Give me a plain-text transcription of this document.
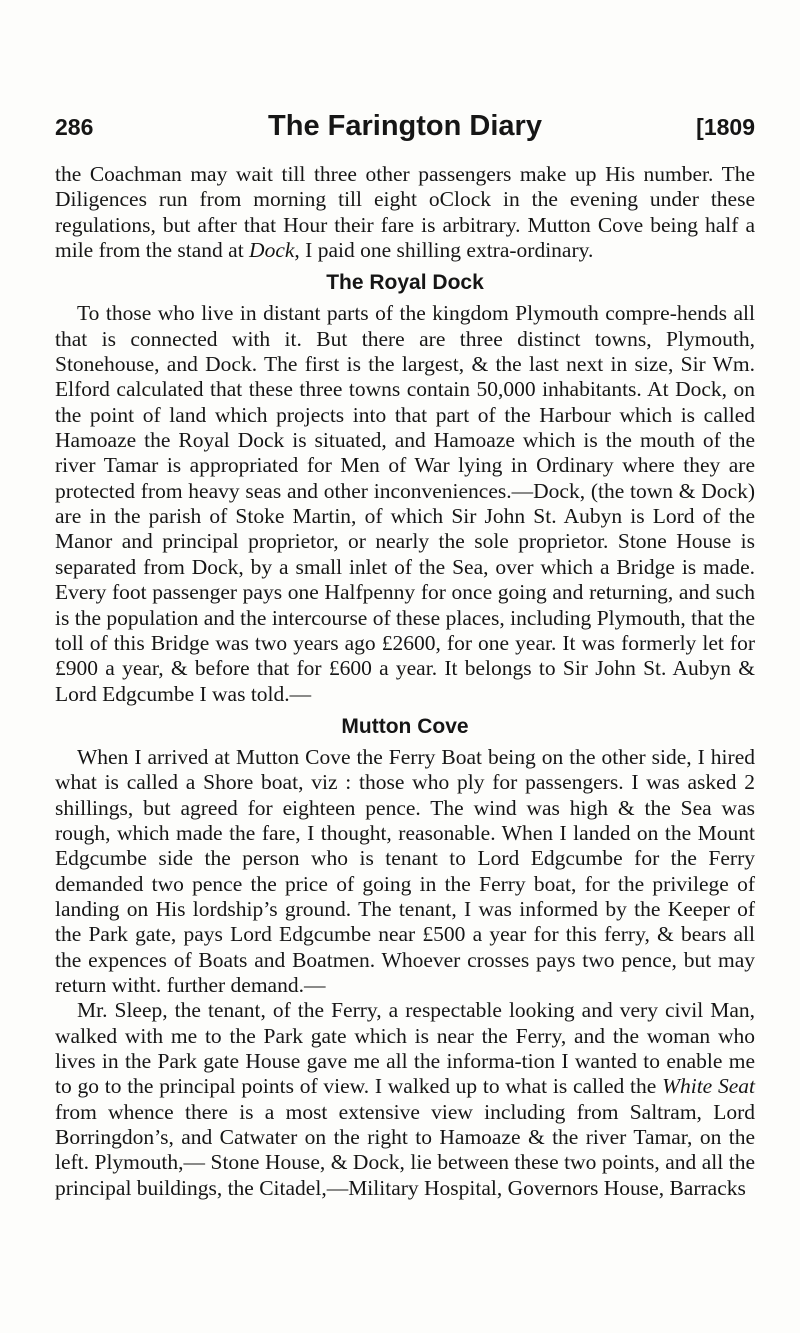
286	The Farington Diary	[1809

the Coachman may wait till three other passengers make up His number. The Diligences run from morning till eight oClock in the evening under these regulations, but after that Hour their fare is arbitrary. Mutton Cove being half a mile from the stand at Dock, I paid one shilling extra-ordinary.

The Royal Dock

To those who live in distant parts of the kingdom Plymouth compre-hends all that is connected with it. But there are three distinct towns, Plymouth, Stonehouse, and Dock. The first is the largest, & the last next in size, Sir Wm. Elford calculated that these three towns contain 50,000 inhabitants. At Dock, on the point of land which projects into that part of the Harbour which is called Hamoaze the Royal Dock is situated, and Hamoaze which is the mouth of the river Tamar is appropriated for Men of War lying in Ordinary where they are protected from heavy seas and other inconveniences.—Dock, (the town & Dock) are in the parish of Stoke Martin, of which Sir John St. Aubyn is Lord of the Manor and principal proprietor, or nearly the sole proprietor. Stone House is separated from Dock, by a small inlet of the Sea, over which a Bridge is made. Every foot passenger pays one Halfpenny for once going and returning, and such is the population and the intercourse of these places, including Plymouth, that the toll of this Bridge was two years ago £2600, for one year. It was formerly let for £900 a year, & before that for £600 a year. It belongs to Sir John St. Aubyn & Lord Edgcumbe I was told.—

Mutton Cove

When I arrived at Mutton Cove the Ferry Boat being on the other side, I hired what is called a Shore boat, viz : those who ply for passengers. I was asked 2 shillings, but agreed for eighteen pence. The wind was high & the Sea was rough, which made the fare, I thought, reasonable. When I landed on the Mount Edgcumbe side the person who is tenant to Lord Edgcumbe for the Ferry demanded two pence the price of going in the Ferry boat, for the privilege of landing on His lordship’s ground. The tenant, I was informed by the Keeper of the Park gate, pays Lord Edgcumbe near £500 a year for this ferry, & bears all the expences of Boats and Boatmen. Whoever crosses pays two pence, but may return witht. further demand.—

Mr. Sleep, the tenant, of the Ferry, a respectable looking and very civil Man, walked with me to the Park gate which is near the Ferry, and the woman who lives in the Park gate House gave me all the informa-tion I wanted to enable me to go to the principal points of view. I walked up to what is called the White Seat from whence there is a most extensive view including from Saltram, Lord Borringdon’s, and Catwater on the right to Hamoaze & the river Tamar, on the left. Plymouth,— Stone House, & Dock, lie between these two points, and all the principal buildings, the Citadel,—Military Hospital, Governors House, Barracks
